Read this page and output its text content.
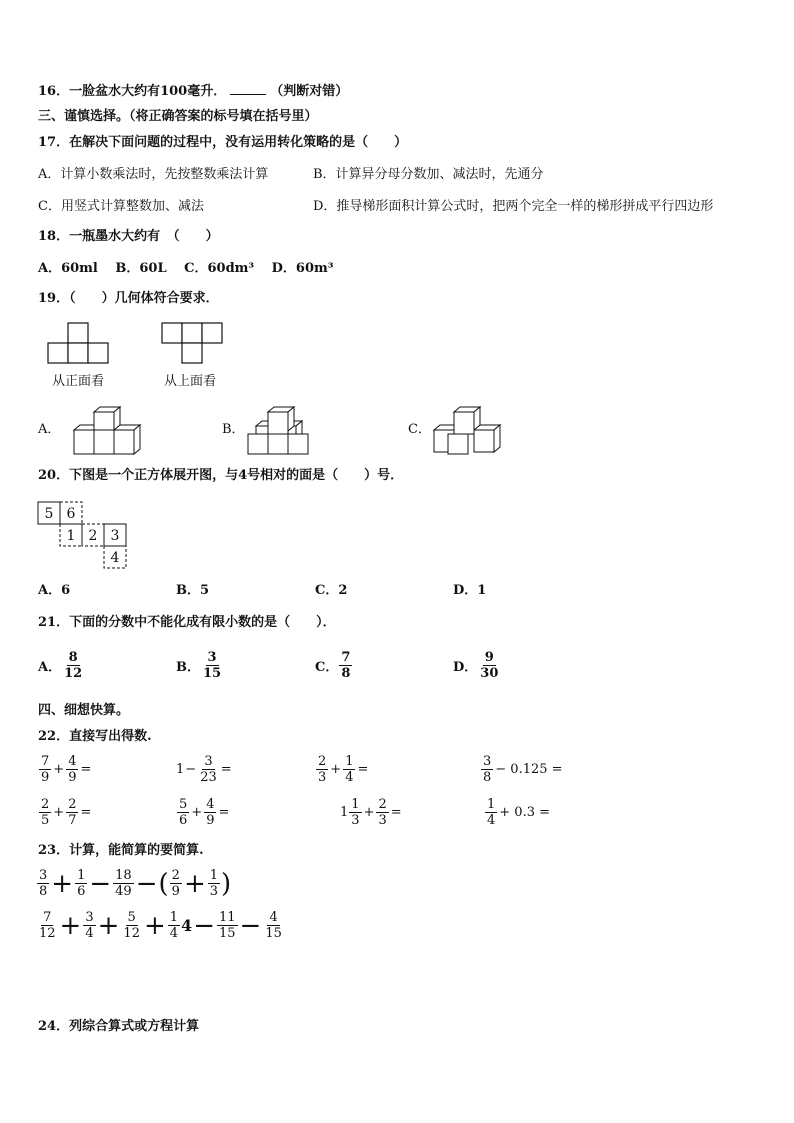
16．一脸盆水大约有100毫升．	（判断对错）
三、谨慎选择。（将正确答案的标号填在括号里）
17．在解决下面问题的过程中，没有运用转化策略的是（　　）
A．计算小数乘法时，先按整数乘法计算	B．计算异分母分数加、减法时，先通分
C．用竖式计算整数加、减法	D．推导梯形面积计算公式时，把两个完全一样的梯形拼成平行四边形
18．一瓶墨水大约有　（　　）
A．60ml　 B．60L　 C．60dm³　 D．60m³
19．（　　）几何体符合要求．
从正面看	从上面看
A．	B．	C．
20．下图是一个正方体展开图，与4号相对的面是（　　）号．
5 6
1 2 3
4
A．6	B．5	C．2	D．1
21．下面的分数中不能化成有限小数的是（　　）．
A． $\frac{8}{12}$	B． $\frac{3}{15}$	C． $\frac{7}{8}$	D． $\frac{9}{30}$
四、细想快算。
22．直接写出得数.
$\frac{7}{9} + \frac{4}{9}$ =	$1 - \frac{3}{23}$ =	$\frac{2}{3} + \frac{1}{4}$ =	$\frac{3}{8} - 0.125$ =
$\frac{2}{5} + \frac{2}{7}$ =	$\frac{5}{6} + \frac{4}{9}$ =	$1 \frac{1}{3} + \frac{2}{3}$ =	$\frac{1}{4} + 0.3$ =
23．计算，能简算的要简算.
$\frac{3}{8} + \frac{1}{6} - \frac{18}{49}$ − ( $\frac{2}{9} + \frac{1}{3}$ )
$\frac{7}{12} + \frac{3}{4} + \frac{5}{12} + \frac{1}{4} 4 - \frac{11}{15} - \frac{4}{15}$
24．列综合算式或方程计算
